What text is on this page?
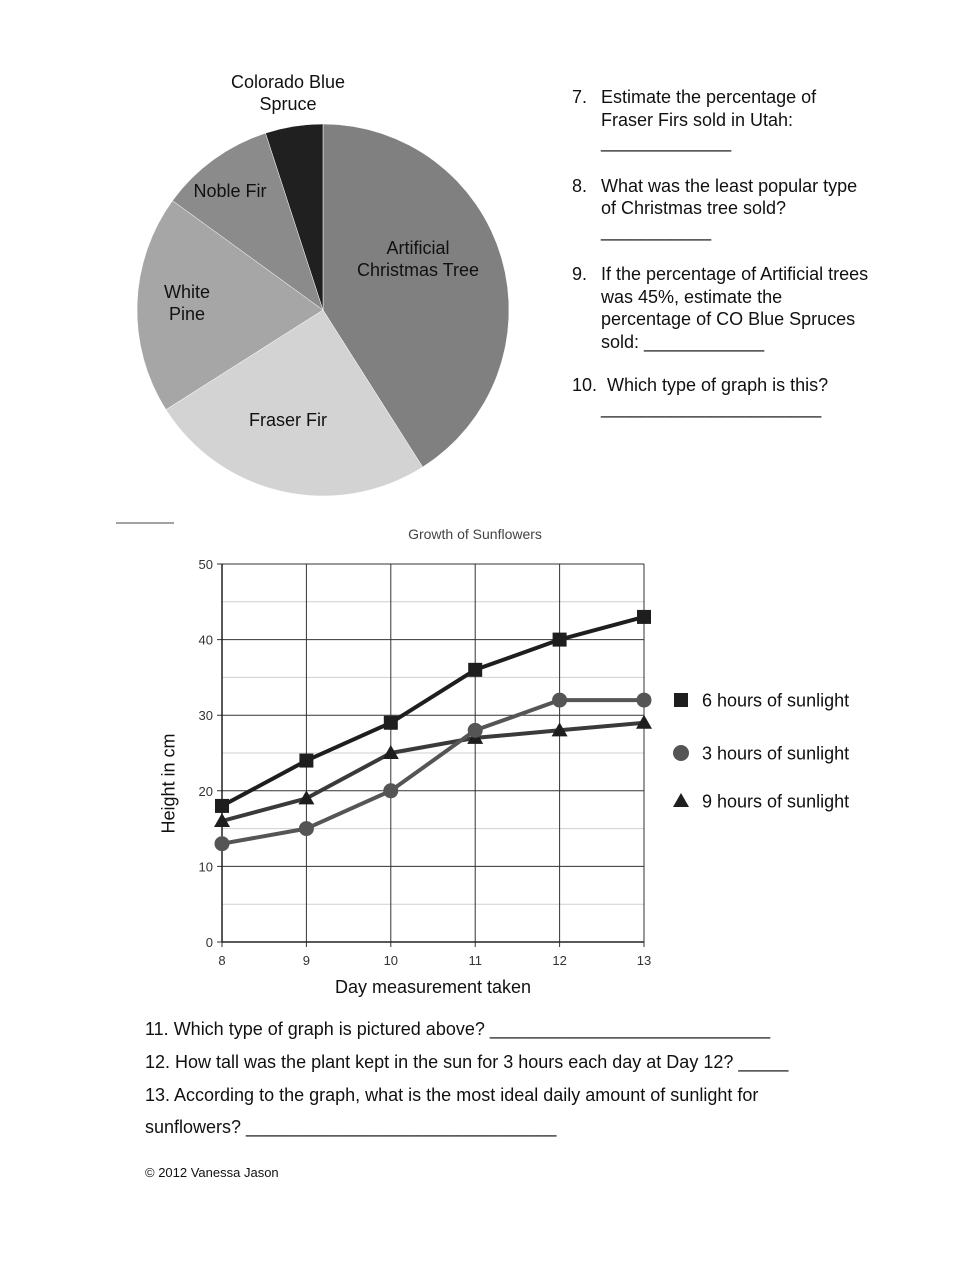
Colorado Blue
Spruce
Noble Fir
Artificial
Christmas Tree
White
Pine
Fraser Fir
7. Estimate the percentage of Fraser Firs sold in Utah:
_____________
8. What was the least popular type of Christmas tree sold?
___________
9. If the percentage of Artificial trees was 45%, estimate the percentage of CO Blue Spruces sold: ____________
10. Which type of graph is this?
______________________
Growth of Sunflowers
0
10
20
30
40
50
8	9	10	11	12	13
Day measurement taken
Height in cm
6 hours of sunlight
3 hours of sunlight
9 hours of sunlight
11. Which type of graph is pictured above? ____________________________
12. How tall was the plant kept in the sun for 3 hours each day at Day 12? _____
13. According to the graph, what is the most ideal daily amount of sunlight for
sunflowers? _______________________________
© 2012 Vanessa Jason
